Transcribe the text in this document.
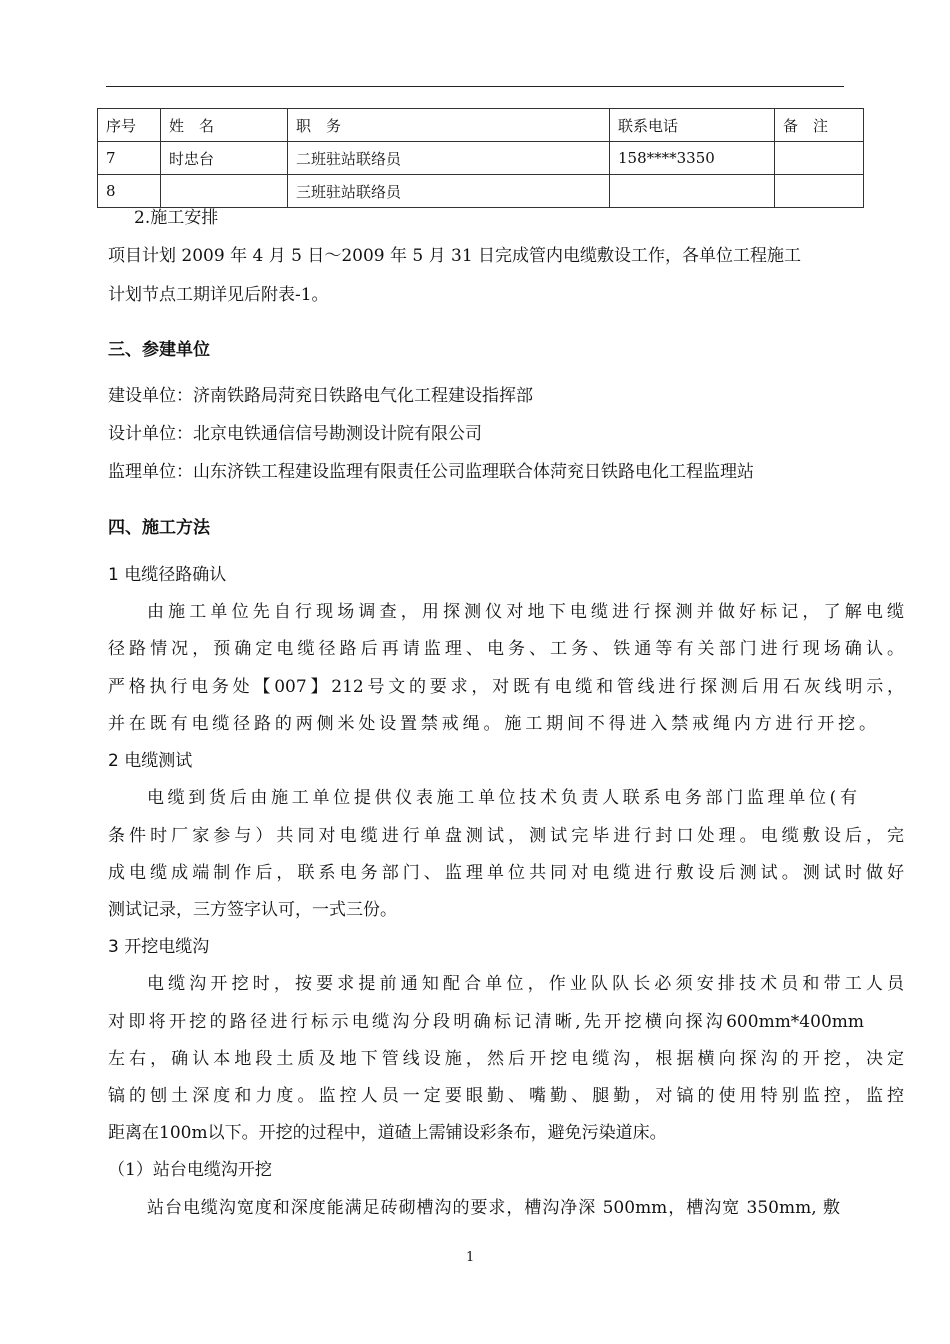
序号	姓　名	职　务	联系电话	备　注
7	时忠台	二班驻站联络员	158****3350	
8		三班驻站联络员		
2.施工安排
项目计划 2009 年 4 月 5 日～2009 年 5 月 31 日完成管内电缆敷设工作，各单位工程施工
计划节点工期详见后附表-1。
三、参建单位
建设单位：济南铁路局菏兖日铁路电气化工程建设指挥部
设计单位：北京电铁通信信号勘测设计院有限公司
监理单位：山东济铁工程建设监理有限责任公司监理联合体菏兖日铁路电化工程监理站
四、施工方法
1 电缆径路确认
由施工单位先自行现场调查，用探测仪对地下电缆进行探测并做好标记，了解电缆
径路情况，预确定电缆径路后再请监理、电务、工务、铁通等有关部门进行现场确认。
严格执行电务处【007】212号文的要求，对既有电缆和管线进行探测后用石灰线明示，
并在既有电缆径路的两侧米处设置禁戒绳。施工期间不得进入禁戒绳内方进行开挖。
2 电缆测试
电缆到货后由施工单位提供仪表施工单位技术负责人联系电务部门监理单位(有
条件时厂家参与）共同对电缆进行单盘测试，测试完毕进行封口处理。电缆敷设后，完
成电缆成端制作后，联系电务部门、监理单位共同对电缆进行敷设后测试。测试时做好
测试记录，三方签字认可，一式三份。
3 开挖电缆沟
电缆沟开挖时，按要求提前通知配合单位，作业队队长必须安排技术员和带工人员
对即将开挖的路径进行标示电缆沟分段明确标记清晰,先开挖横向探沟600mm*400mm
左右，确认本地段土质及地下管线设施，然后开挖电缆沟，根据横向探沟的开挖，决定
镐的刨土深度和力度。监控人员一定要眼勤、嘴勤、腿勤，对镐的使用特别监控，监控
距离在100m以下。开挖的过程中，道碴上需铺设彩条布，避免污染道床。
（1）站台电缆沟开挖
站台电缆沟宽度和深度能满足砖砌槽沟的要求，槽沟净深 500mm，槽沟宽 350mm, 敷
1
